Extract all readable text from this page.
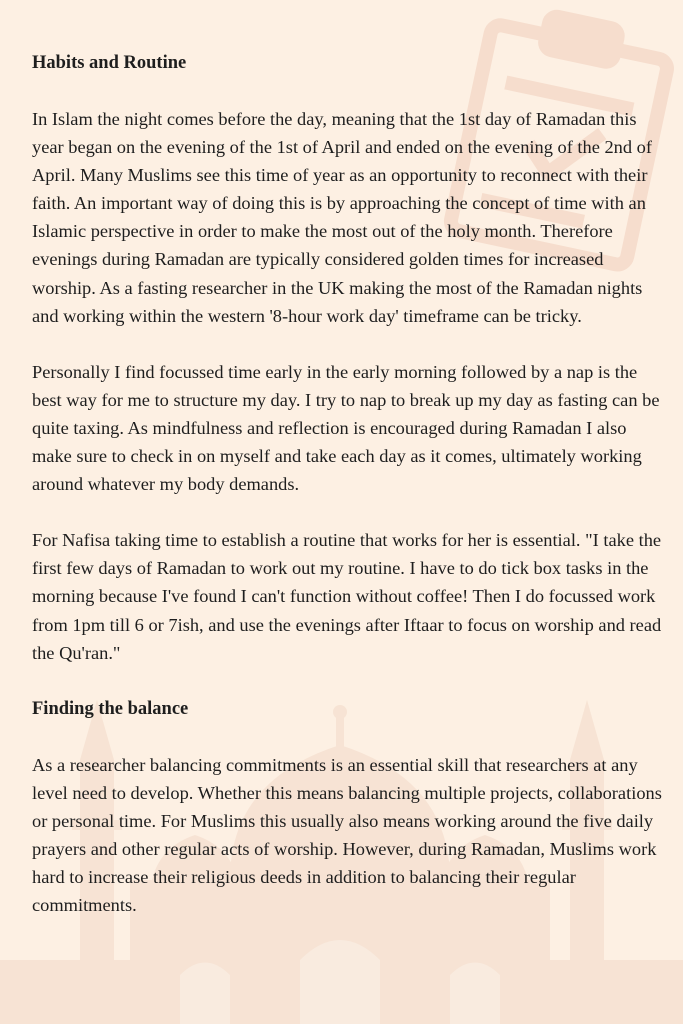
Habits and Routine

In Islam the night comes before the day, meaning that the 1st day of Ramadan this year began on the evening of the 1st of April and ended on the evening of the 2nd of April. Many Muslims see this time of year as an opportunity to reconnect with their faith. An important way of doing this is by approaching the concept of time with an Islamic perspective in order to make the most out of the holy month. Therefore evenings during Ramadan are typically considered golden times for increased worship. As a fasting researcher in the UK making the most of the Ramadan nights and working within the western '8-hour work day' timeframe can be tricky.

Personally I find focussed time early in the early morning followed by a nap is the best way for me to structure my day. I try to nap to break up my day as fasting can be quite taxing. As mindfulness and reflection is encouraged during Ramadan I also make sure to check in on myself and take each day as it comes, ultimately working around whatever my body demands.

For Nafisa taking time to establish a routine that works for her is essential. "I take the first few days of Ramadan to work out my routine. I have to do tick box tasks in the morning because I've found I can't function without coffee! Then I do focussed work from 1pm till 6 or 7ish, and use the evenings after Iftaar to focus on worship and read the Qu'ran."

Finding the balance

As a researcher balancing commitments is an essential skill that researchers at any level need to develop. Whether this means balancing multiple projects, collaborations or personal time. For Muslims this usually also means working around the five daily prayers and other regular acts of worship. However, during Ramadan, Muslims work hard to increase their religious deeds in addition to balancing their regular commitments.
